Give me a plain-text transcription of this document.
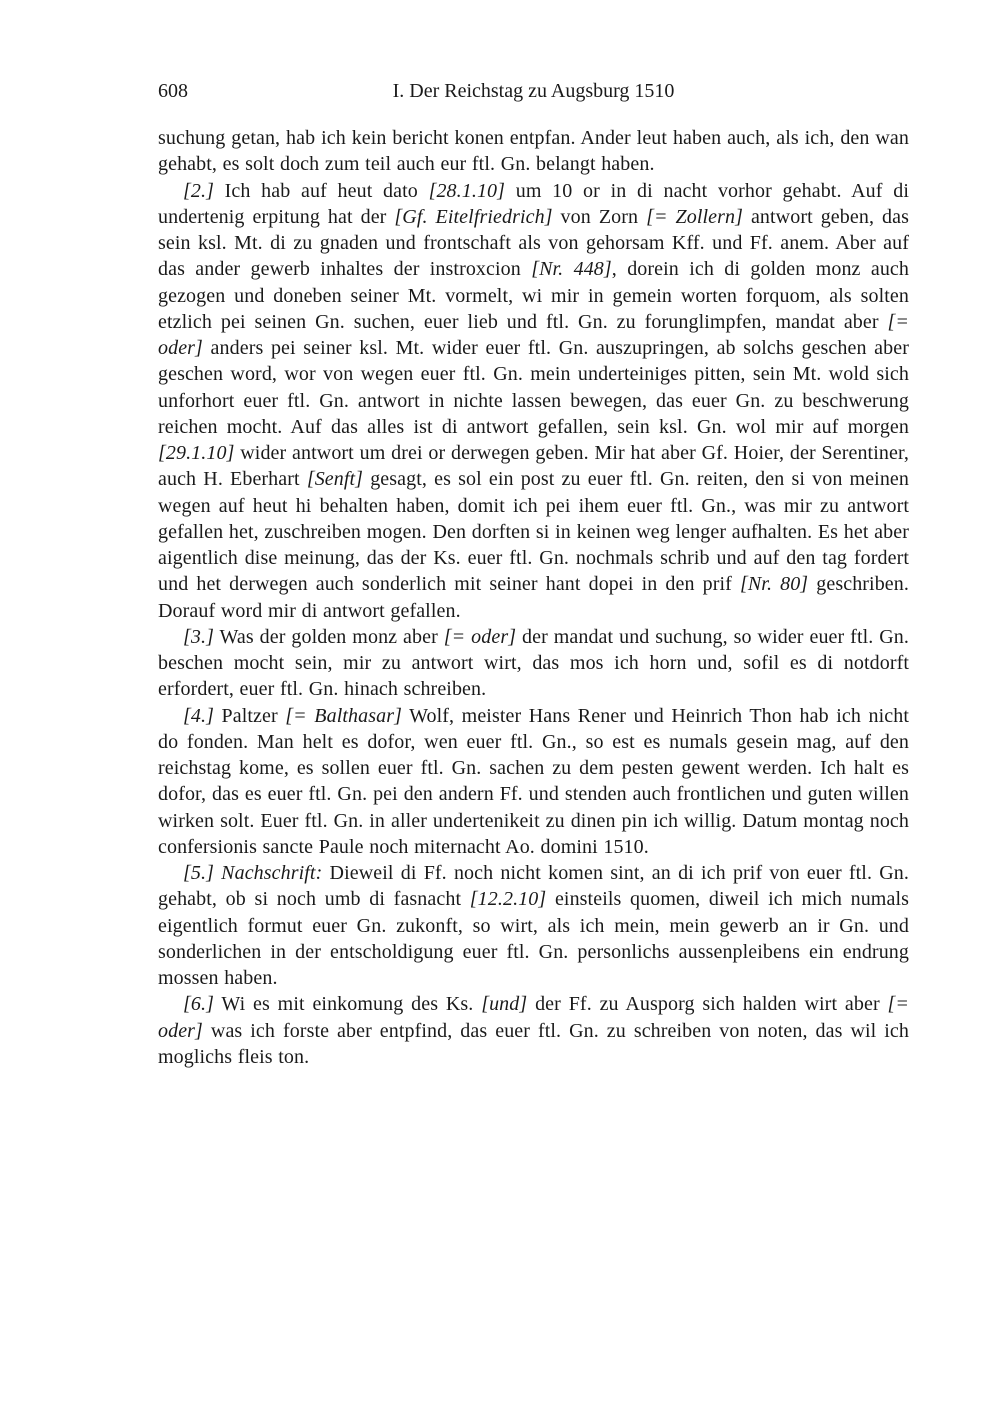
I. Der Reichstag zu Augsburg 1510
608

suchung getan, hab ich kein bericht konen entpfan. Ander leut haben auch, als ich, den wan gehabt, es solt doch zum teil auch eur ftl. Gn. belangt haben.

[2.] Ich hab auf heut dato [28.1.10] um 10 or in di nacht vorhor gehabt. Auf di undertenig erpitung hat der [Gf. Eitelfriedrich] von Zorn [= Zollern] antwort geben, das sein ksl. Mt. di zu gnaden und frontschaft als von gehorsam Kff. und Ff. anem. Aber auf das ander gewerb inhaltes der instroxcion [Nr. 448], dorein ich di golden monz auch gezogen und doneben seiner Mt. vormelt, wi mir in gemein worten forquom, als solten etzlich pei seinen Gn. suchen, euer lieb und ftl. Gn. zu forunglimpfen, mandat aber [= oder] anders pei seiner ksl. Mt. wider euer ftl. Gn. auszupringen, ab solchs geschen aber geschen word, wor von wegen euer ftl. Gn. mein underteiniges pitten, sein Mt. wold sich unforhort euer ftl. Gn. antwort in nichte lassen bewegen, das euer Gn. zu beschwerung reichen mocht. Auf das alles ist di antwort gefallen, sein ksl. Gn. wol mir auf morgen [29.1.10] wider antwort um drei or derwegen geben. Mir hat aber Gf. Hoier, der Serentiner, auch H. Eberhart [Senft] gesagt, es sol ein post zu euer ftl. Gn. reiten, den si von meinen wegen auf heut hi behalten haben, domit ich pei ihem euer ftl. Gn., was mir zu antwort gefallen het, zuschreiben mogen. Den dorften si in keinen weg lenger aufhalten. Es het aber aigentlich dise meinung, das der Ks. euer ftl. Gn. nochmals schrib und auf den tag fordert und het derwegen auch sonderlich mit seiner hant dopei in den prif [Nr. 80] geschriben. Dorauf word mir di antwort gefallen.

[3.] Was der golden monz aber [= oder] der mandat und suchung, so wider euer ftl. Gn. beschen mocht sein, mir zu antwort wirt, das mos ich horn und, sofil es di notdorft erfordert, euer ftl. Gn. hinach schreiben.

[4.] Paltzer [= Balthasar] Wolf, meister Hans Rener und Heinrich Thon hab ich nicht do fonden. Man helt es dofor, wen euer ftl. Gn., so est es numals gesein mag, auf den reichstag kome, es sollen euer ftl. Gn. sachen zu dem pesten gewent werden. Ich halt es dofor, das es euer ftl. Gn. pei den andern Ff. und stenden auch frontlichen und guten willen wirken solt. Euer ftl. Gn. in aller undertenikeit zu dinen pin ich willig. Datum montag noch confersionis sancte Paule noch miternacht Ao. domini 1510.

[5.] Nachschrift: Dieweil di Ff. noch nicht komen sint, an di ich prif von euer ftl. Gn. gehabt, ob si noch umb di fasnacht [12.2.10] einsteils quomen, diweil ich mich numals eigentlich formut euer Gn. zukonft, so wirt, als ich mein, mein gewerb an ir Gn. und sonderlichen in der entscholdigung euer ftl. Gn. personlichs aussenpleibens ein endrung mossen haben.

[6.] Wi es mit einkomung des Ks. [und] der Ff. zu Ausporg sich halden wirt aber [= oder] was ich forste aber entpfind, das euer ftl. Gn. zu schreiben von noten, das wil ich moglichs fleis ton.
